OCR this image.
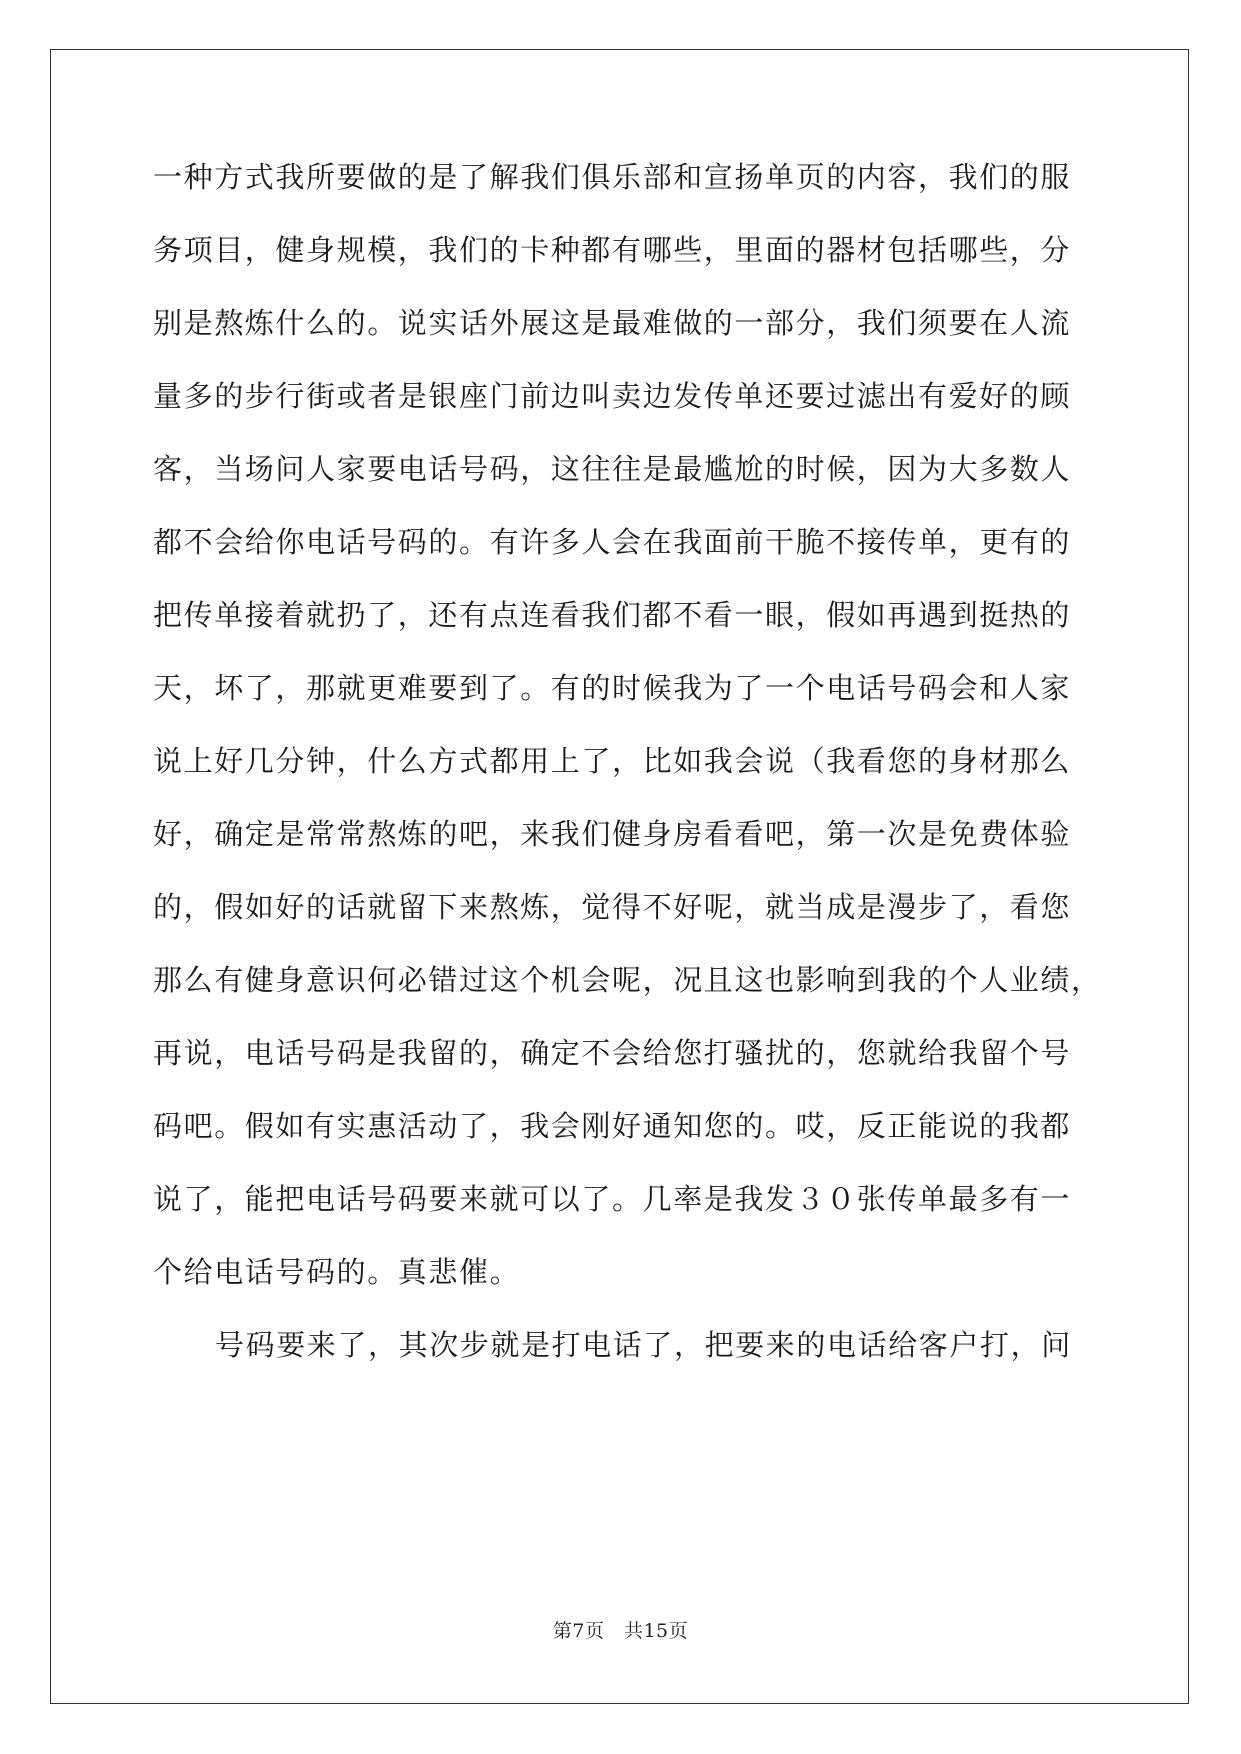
一种方式我所要做的是了解我们俱乐部和宣扬单页的内容，我们的服
务项目，健身规模，我们的卡种都有哪些，里面的器材包括哪些，分
别是熬炼什么的。说实话外展这是最难做的一部分，我们须要在人流
量多的步行街或者是银座门前边叫卖边发传单还要过滤出有爱好的顾
客，当场问人家要电话号码，这往往是最尴尬的时候，因为大多数人
都不会给你电话号码的。有许多人会在我面前干脆不接传单，更有的
把传单接着就扔了，还有点连看我们都不看一眼，假如再遇到挺热的
天，坏了，那就更难要到了。有的时候我为了一个电话号码会和人家
说上好几分钟，什么方式都用上了，比如我会说（我看您的身材那么
好，确定是常常熬炼的吧，来我们健身房看看吧，第一次是免费体验
的，假如好的话就留下来熬炼，觉得不好呢，就当成是漫步了，看您
那么有健身意识何必错过这个机会呢，况且这也影响到我的个人业绩，
再说，电话号码是我留的，确定不会给您打骚扰的，您就给我留个号
码吧。假如有实惠活动了，我会刚好通知您的。哎，反正能说的我都
说了，能把电话号码要来就可以了。几率是我发３０张传单最多有一
个给电话号码的。真悲催。
号码要来了，其次步就是打电话了，把要来的电话给客户打，问
第7页　共15页
